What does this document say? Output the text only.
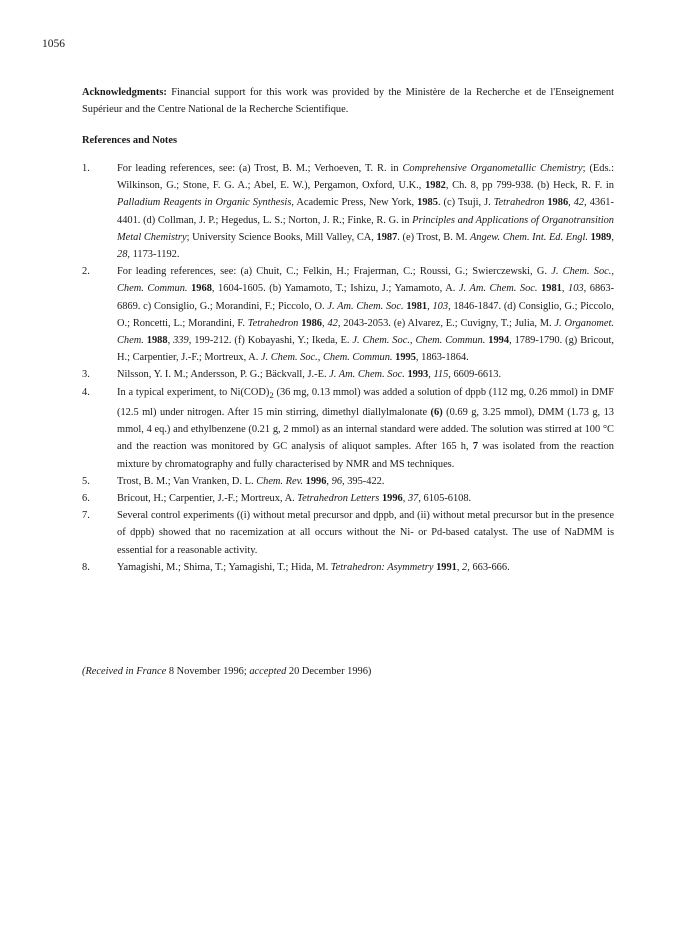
1056
Acknowledgments: Financial support for this work was provided by the Ministère de la Recherche et de l'Enseignement Supérieur and the Centre National de la Recherche Scientifique.
References and Notes
1.	For leading references, see: (a) Trost, B. M.; Verhoeven, T. R. in Comprehensive Organometallic Chemistry; (Eds.: Wilkinson, G.; Stone, F. G. A.; Abel, E. W.), Pergamon, Oxford, U.K., 1982, Ch. 8, pp 799-938. (b) Heck, R. F. in Palladium Reagents in Organic Synthesis, Academic Press, New York, 1985. (c) Tsuji, J. Tetrahedron 1986, 42, 4361-4401. (d) Collman, J. P.; Hegedus, L. S.; Norton, J. R.; Finke, R. G. in Principles and Applications of Organotransition Metal Chemistry; University Science Books, Mill Valley, CA, 1987. (e) Trost, B. M. Angew. Chem. Int. Ed. Engl. 1989, 28, 1173-1192.
2.	For leading references, see: (a) Chuit, C.; Felkin, H.; Frajerman, C.; Roussi, G.; Swierczewski, G. J. Chem. Soc., Chem. Commun. 1968, 1604-1605. (b) Yamamoto, T.; Ishizu, J.; Yamamoto, A. J. Am. Chem. Soc. 1981, 103, 6863-6869. c) Consiglio, G.; Morandini, F.; Piccolo, O. J. Am. Chem. Soc. 1981, 103, 1846-1847. (d) Consiglio, G.; Piccolo, O.; Roncetti, L.; Morandini, F. Tetrahedron 1986, 42, 2043-2053. (e) Alvarez, E.; Cuvigny, T.; Julia, M. J. Organomet. Chem. 1988, 339, 199-212. (f) Kobayashi, Y.; Ikeda, E. J. Chem. Soc., Chem. Commun. 1994, 1789-1790. (g) Bricout, H.; Carpentier, J.-F.; Mortreux, A. J. Chem. Soc., Chem. Commun. 1995, 1863-1864.
3.	Nilsson, Y. I. M.; Andersson, P. G.; Bäckvall, J.-E. J. Am. Chem. Soc. 1993, 115, 6609-6613.
4.	In a typical experiment, to $Ni(COD)_2$ (36 mg, 0.13 mmol) was added a solution of dppb (112 mg, 0.26 mmol) in DMF (12.5 ml) under nitrogen. After 15 min stirring, dimethyl diallylmalonate (6) (0.69 g, 3.25 mmol), DMM (1.73 g, 13 mmol, 4 eq.) and ethylbenzene (0.21 g, 2 mmol) as an internal standard were added. The solution was stirred at 100 °C and the reaction was monitored by GC analysis of aliquot samples. After 165 h, 7 was isolated from the reaction mixture by chromatography and fully characterised by NMR and MS techniques.
5.	Trost, B. M.; Van Vranken, D. L. Chem. Rev. 1996, 96, 395-422.
6.	Bricout, H.; Carpentier, J.-F.; Mortreux, A. Tetrahedron Letters 1996, 37, 6105-6108.
7.	Several control experiments ((i) without metal precursor and dppb, and (ii) without metal precursor but in the presence of dppb) showed that no racemization at all occurs without the Ni- or Pd-based catalyst. The use of NaDMM is essential for a reasonable activity.
8.	Yamagishi, M.; Shima, T.; Yamagishi, T.; Hida, M. Tetrahedron: Asymmetry 1991, 2, 663-666.
(Received in France 8 November 1996; accepted 20 December 1996)
